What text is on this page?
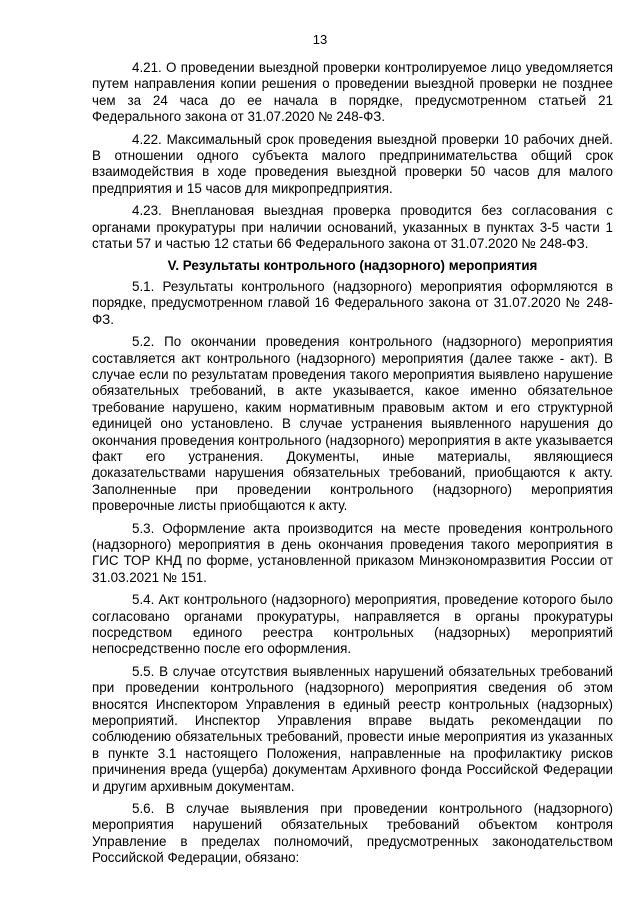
13

4.21. О проведении выездной проверки контролируемое лицо уведомляется путем направления копии решения о проведении выездной проверки не позднее чем за 24 часа до ее начала в порядке, предусмотренном статьей 21 Федерального закона от 31.07.2020 № 248-ФЗ.

4.22. Максимальный срок проведения выездной проверки 10 рабочих дней. В отношении одного субъекта малого предпринимательства общий срок взаимодействия в ходе проведения выездной проверки 50 часов для малого предприятия и 15 часов для микропредприятия.

4.23. Внеплановая выездная проверка проводится без согласования с органами прокуратуры при наличии оснований, указанных в пунктах 3-5 части 1 статьи 57 и частью 12 статьи 66 Федерального закона от 31.07.2020 № 248-ФЗ.

V. Результаты контрольного (надзорного) мероприятия

5.1. Результаты контрольного (надзорного) мероприятия оформляются в порядке, предусмотренном главой 16 Федерального закона от 31.07.2020 № 248-ФЗ.

5.2. По окончании проведения контрольного (надзорного) мероприятия составляется акт контрольного (надзорного) мероприятия (далее также - акт). В случае если по результатам проведения такого мероприятия выявлено нарушение обязательных требований, в акте указывается, какое именно обязательное требование нарушено, каким нормативным правовым актом и его структурной единицей оно установлено. В случае устранения выявленного нарушения до окончания проведения контрольного (надзорного) мероприятия в акте указывается факт его устранения. Документы, иные материалы, являющиеся доказательствами нарушения обязательных требований, приобщаются к акту. Заполненные при проведении контрольного (надзорного) мероприятия проверочные листы приобщаются к акту.

5.3. Оформление акта производится на месте проведения контрольного (надзорного) мероприятия в день окончания проведения такого мероприятия в ГИС ТОР КНД по форме, установленной приказом Минэкономразвития России от 31.03.2021 № 151.

5.4. Акт контрольного (надзорного) мероприятия, проведение которого было согласовано органами прокуратуры, направляется в органы прокуратуры посредством единого реестра контрольных (надзорных) мероприятий непосредственно после его оформления.

5.5. В случае отсутствия выявленных нарушений обязательных требований при проведении контрольного (надзорного) мероприятия сведения об этом вносятся Инспектором Управления в единый реестр контрольных (надзорных) мероприятий. Инспектор Управления вправе выдать рекомендации по соблюдению обязательных требований, провести иные мероприятия из указанных в пункте 3.1 настоящего Положения, направленные на профилактику рисков причинения вреда (ущерба) документам Архивного фонда Российской Федерации и другим архивным документам.

5.6. В случае выявления при проведении контрольного (надзорного) мероприятия нарушений обязательных требований объектом контроля Управление в пределах полномочий, предусмотренных законодательством Российской Федерации, обязано:
